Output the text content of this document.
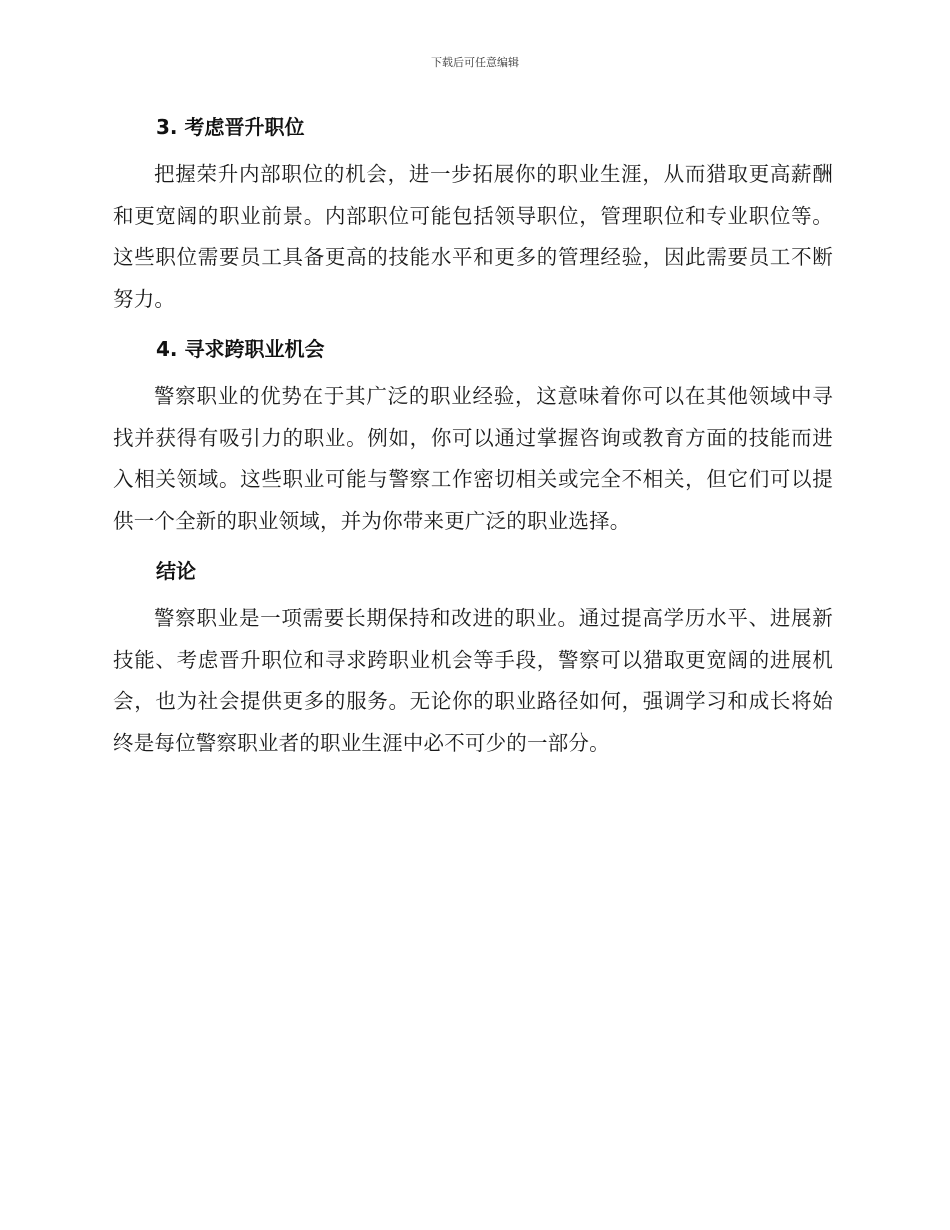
下载后可任意编辑
3. 考虑晋升职位

把握荣升内部职位的机会，进一步拓展你的职业生涯，从而猎取更高薪酬和更宽阔的职业前景。内部职位可能包括领导职位，管理职位和专业职位等。这些职位需要员工具备更高的技能水平和更多的管理经验，因此需要员工不断努力。

4. 寻求跨职业机会

警察职业的优势在于其广泛的职业经验，这意味着你可以在其他领域中寻找并获得有吸引力的职业。例如，你可以通过掌握咨询或教育方面的技能而进入相关领域。这些职业可能与警察工作密切相关或完全不相关，但它们可以提供一个全新的职业领域，并为你带来更广泛的职业选择。

结论

警察职业是一项需要长期保持和改进的职业。通过提高学历水平、进展新技能、考虑晋升职位和寻求跨职业机会等手段，警察可以猎取更宽阔的进展机会，也为社会提供更多的服务。无论你的职业路径如何，强调学习和成长将始终是每位警察职业者的职业生涯中必不可少的一部分。
